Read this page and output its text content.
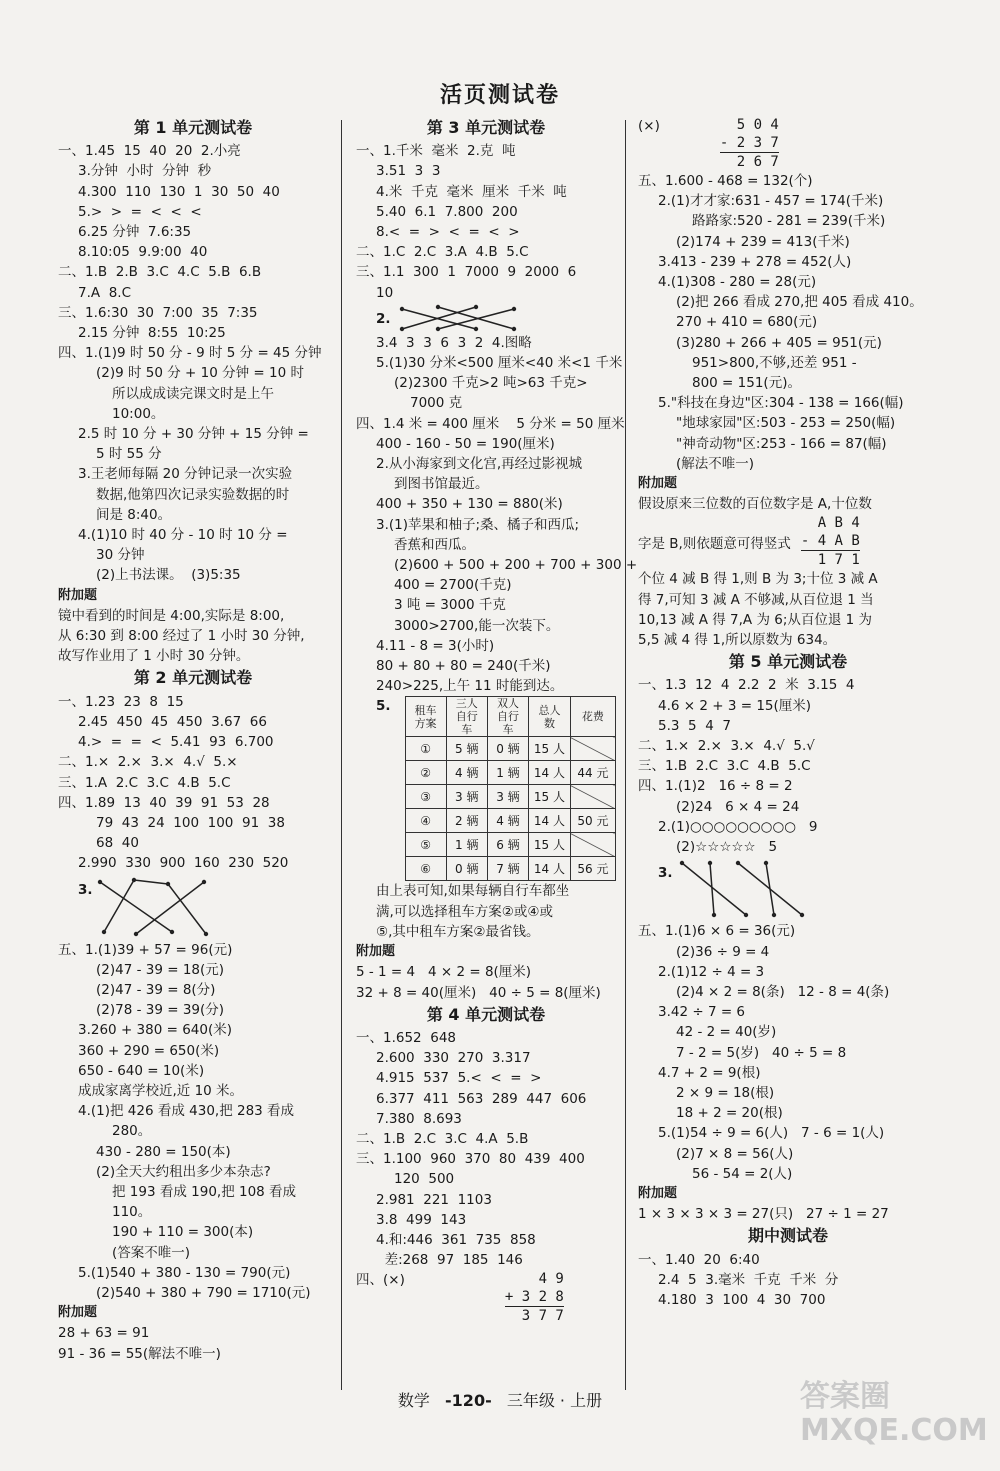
活页测试卷
第 1 单元测试卷
一、1.45  15  40  20  2.小亮
3.分钟  小时  分钟  秒
4.300  110  130  1  30  50  40
5.>  >  =  <  <  <
6.25 分钟  7.6:35
8.10:05  9.9:00  40
二、1.B  2.B  3.C  4.C  5.B  6.B
7.A  8.C
三、1.6:30  30  7:00  35  7:35
2.15 分钟  8:55  10:25
四、1.(1)9 时 50 分 - 9 时 5 分 = 45 分钟
(2)9 时 50 分 + 10 分钟 = 10 时
所以成成读完课文时是上午
10:00。
2.5 时 10 分 + 30 分钟 + 15 分钟 =
5 时 55 分
3.王老师每隔 20 分钟记录一次实验
数据,他第四次记录实验数据的时
间是 8:40。
4.(1)10 时 40 分 - 10 时 10 分 =
30 分钟
(2)上书法课。  (3)5:35
附加题
镜中看到的时间是 4:00,实际是 8:00,
从 6:30 到 8:00 经过了 1 小时 30 分钟,
故写作业用了 1 小时 30 分钟。
第 2 单元测试卷
一、1.23  23  8  15
2.45  450  45  450  3.67  66
4.>  =  =  <  5.41  93  6.700
二、1.×  2.×  3.×  4.√  5.×
三、1.A  2.C  3.C  4.B  5.C
四、1.89  13  40  39  91  53  28
79  43  24  100  100  91  38
68  40
2.990  330  900  160  230  520
3.
五、1.(1)39 + 57 = 96(元)
(2)47 - 39 = 18(元)
(2)47 - 39 = 8(分)
(2)78 - 39 = 39(分)
3.260 + 380 = 640(米)
360 + 290 = 650(米)
650 - 640 = 10(米)
成成家离学校近,近 10 米。
4.(1)把 426 看成 430,把 283 看成
280。
430 - 280 = 150(本)
(2)全天大约租出多少本杂志?
把 193 看成 190,把 108 看成
110。
190 + 110 = 300(本)
(答案不唯一)
5.(1)540 + 380 - 130 = 790(元)
(2)540 + 380 + 790 = 1710(元)
附加题
28 + 63 = 91
91 - 36 = 55(解法不唯一)
第 3 单元测试卷
一、1.千米  毫米  2.克  吨
3.51  3  3
4.米  千克  毫米  厘米  千米  吨
5.40  6.1  7.800  200
8.<  =  >  <  =  <  >
二、1.C  2.C  3.A  4.B  5.C
三、1.1  300  1  7000  9  2000  6
10
2.
3.4  3  3  6  3  2  4.图略
5.(1)30 分米<500 厘米<40 米<1 千米
(2)2300 千克>2 吨>63 千克>
7000 克
四、1.4 米 = 400 厘米    5 分米 = 50 厘米
400 - 160 - 50 = 190(厘米)
2.从小海家到文化宫,再经过影视城
到图书馆最近。
400 + 350 + 130 = 880(米)
3.(1)苹果和柚子;桑、橘子和西瓜;
香蕉和西瓜。
(2)600 + 500 + 200 + 700 + 300 +
400 = 2700(千克)
3 吨 = 3000 千克
3000>2700,能一次装下。
4.11 - 8 = 3(小时)
80 + 80 + 80 = 240(千米)
240>225,上午 11 时能到达。
5. 租车方案	三人自行车	双人自行车	总人数	花费
①	5 辆	0 辆	15 人	
②	4 辆	1 辆	14 人	44 元
③	3 辆	3 辆	15 人	
④	2 辆	4 辆	14 人	50 元
⑤	1 辆	6 辆	15 人	
⑥	0 辆	7 辆	14 人	56 元
由上表可知,如果每辆自行车都坐
满,可以选择租车方案②或④或
⑤,其中租车方案②最省钱。
附加题
5 - 1 = 4   4 × 2 = 8(厘米)
32 + 8 = 40(厘米)   40 ÷ 5 = 8(厘米)
第 4 单元测试卷
一、1.652  648
2.600  330  270  3.317
4.915  537  5.<  <  =  >
6.377  411  563  289  447  606
7.380  8.693
二、1.B  2.C  3.C  4.A  5.B
三、1.100  960  370  80  439  400
120  500
2.981  221  1103
3.8  499  143
4.和:446  361  735  858
差:268  97  185  146
四、(×)	4 9
+ 3 2 8
3 7 7
(×)	5 0 4
- 2 3 7
2 6 7
五、1.600 - 468 = 132(个)
2.(1)才才家:631 - 457 = 174(千米)
路路家:520 - 281 = 239(千米)
(2)174 + 239 = 413(千米)
3.413 - 239 + 278 = 452(人)
4.(1)308 - 280 = 28(元)
(2)把 266 看成 270,把 405 看成 410。
270 + 410 = 680(元)
(3)280 + 266 + 405 = 951(元)
951>800,不够,还差 951 -
800 = 151(元)。
5."科技在身边"区:304 - 138 = 166(幅)
"地球家园"区:503 - 253 = 250(幅)
"神奇动物"区:253 - 166 = 87(幅)
(解法不唯一)
附加题
假设原来三位数的百位数字是 A,十位数
字是 B,则依题意可得竖式
A B 4
- 4 A B
1 7 1
个位 4 减 B 得 1,则 B 为 3;十位 3 减 A
得 7,可知 3 减 A 不够减,从百位退 1 当
10,13 减 A 得 7,A 为 6;从百位退 1 为
5,5 减 4 得 1,所以原数为 634。
第 5 单元测试卷
一、1.3  12  4  2.2  2  米  3.15  4
4.6 × 2 + 3 = 15(厘米)
5.3  5  4  7
二、1.×  2.×  3.×  4.√  5.√
三、1.B  2.C  3.C  4.B  5.C
四、1.(1)2   16 ÷ 8 = 2
(2)24   6 × 4 = 24
2.(1)○○○○○○○○○   9
(2)☆☆☆☆☆   5
3.
五、1.(1)6 × 6 = 36(元)
(2)36 ÷ 9 = 4
2.(1)12 ÷ 4 = 3
(2)4 × 2 = 8(条)   12 - 8 = 4(条)
3.42 ÷ 7 = 6
42 - 2 = 40(岁)
7 - 2 = 5(岁)   40 ÷ 5 = 8
4.7 + 2 = 9(根)
2 × 9 = 18(根)
18 + 2 = 20(根)
5.(1)54 ÷ 9 = 6(人)   7 - 6 = 1(人)
(2)7 × 8 = 56(人)
56 - 54 = 2(人)
附加题
1 × 3 × 3 × 3 = 27(只)   27 ÷ 1 = 27
期中测试卷
一、1.40  20  6:40
2.4  5  3.毫米  千克  千米  分
4.180  3  100  4  30  700
数学 -120- 三年级 · 上册	答案圈
MXQE.COM
